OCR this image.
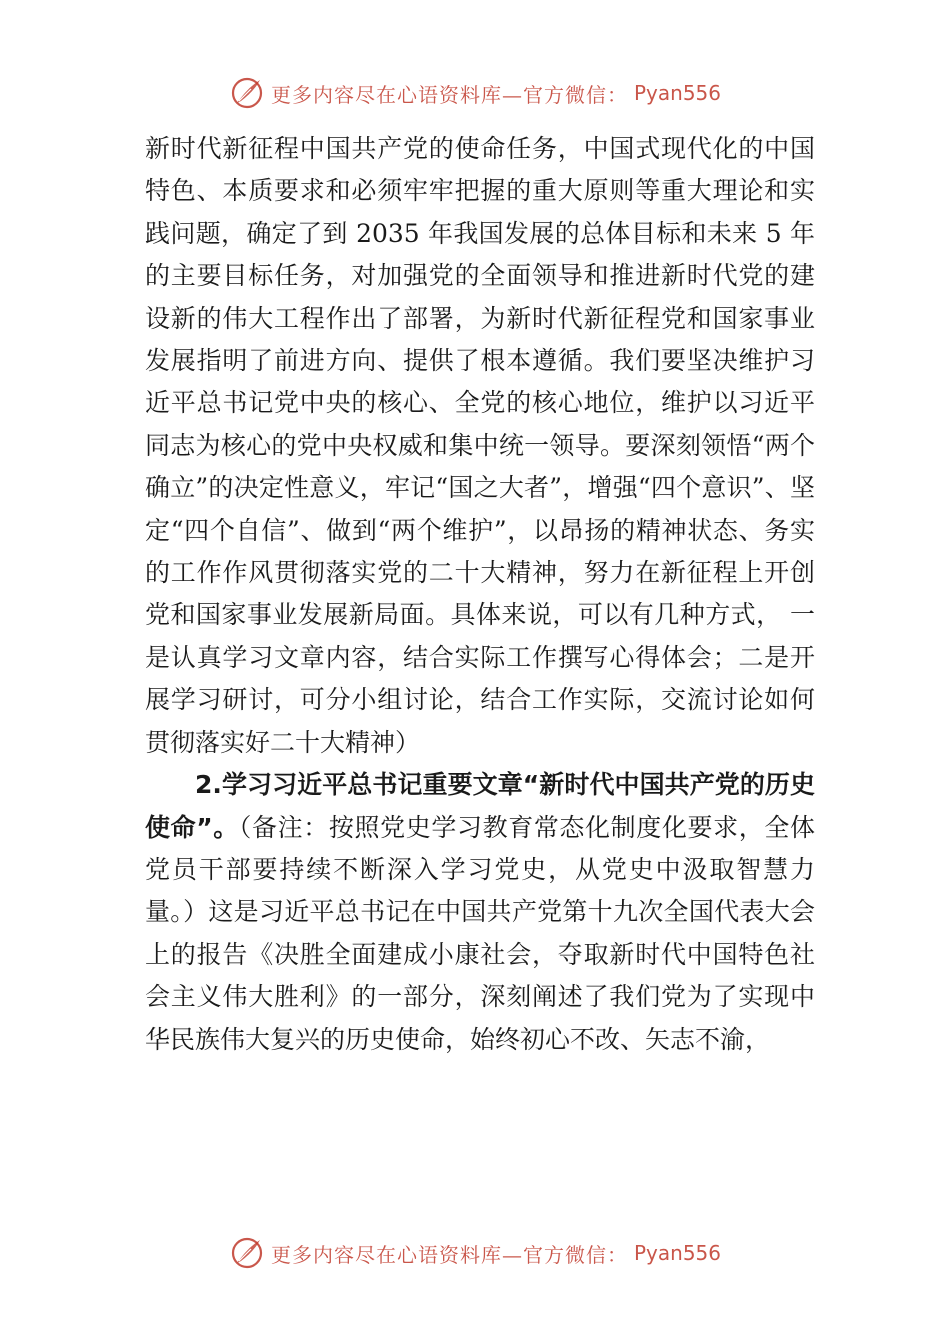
更多内容尽在心语资料库—官方微信： Pyan556

新时代新征程中国共产党的使命任务，中国式现代化的中国特色、本质要求和必须牢牢把握的重大原则等重大理论和实践问题，确定了到 2035 年我国发展的总体目标和未来 5 年的主要目标任务，对加强党的全面领导和推进新时代党的建设新的伟大工程作出了部署，为新时代新征程党和国家事业发展指明了前进方向、提供了根本遵循。我们要坚决维护习近平总书记党中央的核心、全党的核心地位，维护以习近平同志为核心的党中央权威和集中统一领导。要深刻领悟“两个确立”的决定性意义，牢记“国之大者”，增强“四个意识”、坚定“四个自信”、做到“两个维护”，以昂扬的精神状态、务实的工作作风贯彻落实党的二十大精神，努力在新征程上开创党和国家事业发展新局面。具体来说，可以有几种方式， 一是认真学习文章内容，结合实际工作撰写心得体会；二是开展学习研讨，可分小组讨论，结合工作实际，交流讨论如何贯彻落实好二十大精神）

2.学习习近平总书记重要文章“新时代中国共产党的历史使命”。（备注：按照党史学习教育常态化制度化要求，全体党员干部要持续不断深入学习党史，从党史中汲取智慧力量。）这是习近平总书记在中国共产党第十九次全国代表大会上的报告《决胜全面建成小康社会，夺取新时代中国特色社会主义伟大胜利》的一部分，深刻阐述了我们党为了实现中华民族伟大复兴的历史使命，始终初心不改、矢志不渝，

更多内容尽在心语资料库—官方微信： Pyan556
